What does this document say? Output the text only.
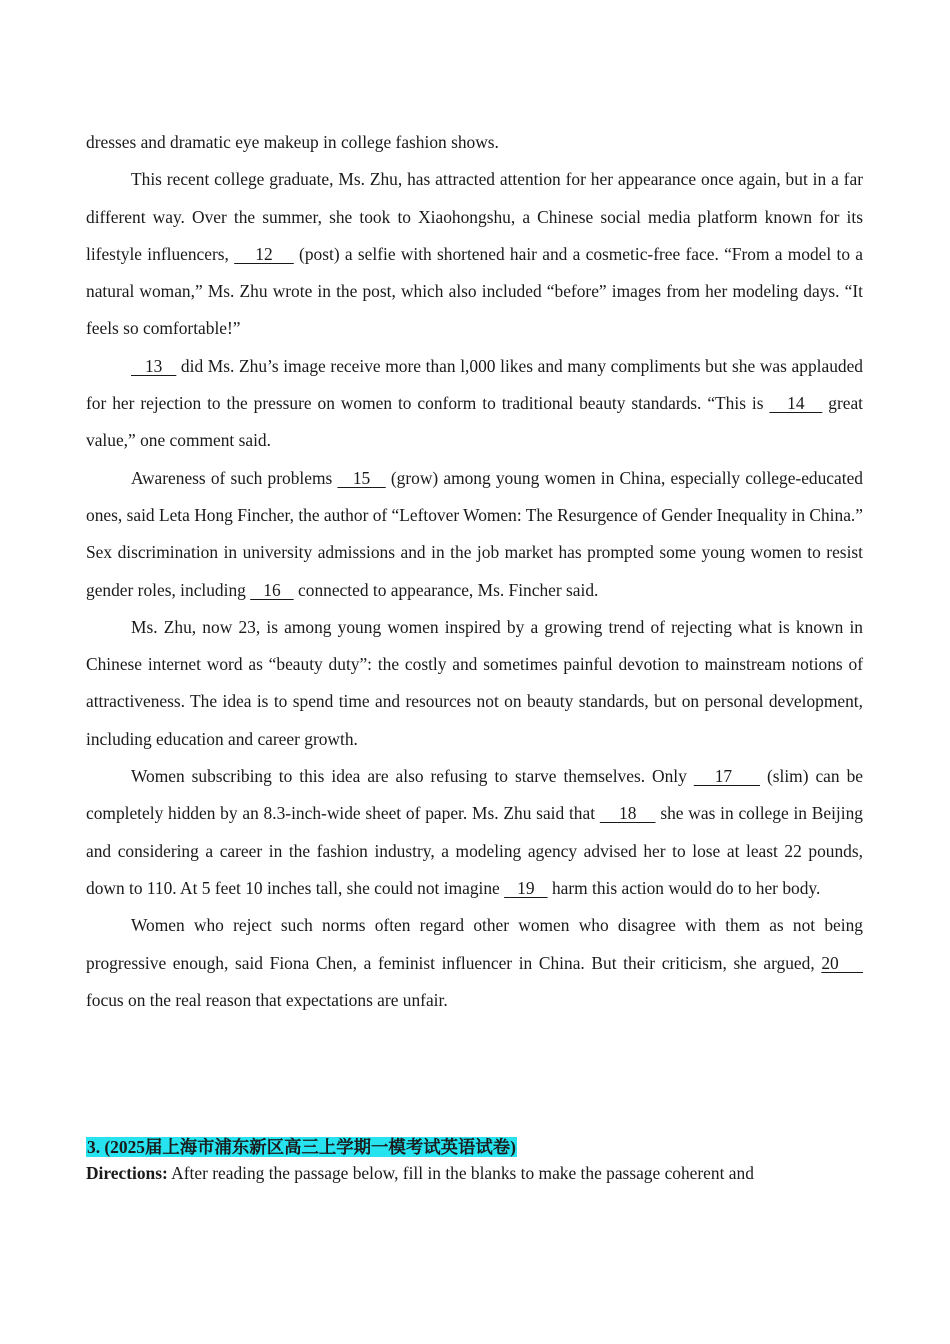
dresses and dramatic eye makeup in college fashion shows.

This recent college graduate, Ms. Zhu, has attracted attention for her appearance once again, but in a far different way. Over the summer, she took to Xiaohongshu, a Chinese social media platform known for its lifestyle influencers,     12     (post) a selfie with shortened hair and a cosmetic-free face. “From a model to a natural woman,” Ms. Zhu wrote in the post, which also included “before” images from her modeling days. “It feels so comfortable!”

13    did Ms. Zhu’s image receive more than l,000 likes and many compliments but she was applauded for her rejection to the pressure on women to conform to traditional beauty standards. “This is    14    great value,” one comment said.

Awareness of such problems    15    (grow) among young women in China, especially college-educated ones, said Leta Hong Fincher, the author of “Leftover Women: The Resurgence of Gender Inequality in China.” Sex discrimination in university admissions and in the job market has prompted some young women to resist gender roles, including    16    connected to appearance, Ms. Fincher said.

Ms. Zhu, now 23, is among young women inspired by a growing trend of rejecting what is known in Chinese internet word as “beauty duty”: the costly and sometimes painful devotion to mainstream notions of attractiveness. The idea is to spend time and resources not on beauty standards, but on personal development, including education and career growth.

Women subscribing to this idea are also refusing to starve themselves. Only    17     (slim) can be completely hidden by an 8.3-inch-wide sheet of paper. Ms. Zhu said that     18     she was in college in Beijing and considering a career in the fashion industry, a modeling agency advised her to lose at least 22 pounds, down to 110. At 5 feet 10 inches tall, she could not imagine    19    harm this action would do to her body.

Women who reject such norms often regard other women who disagree with them as not being progressive enough, said Fiona Chen, a feminist influencer in China. But their criticism, she argued, 20     focus on the real reason that expectations are unfair.

3. (2025届上海市浦东新区高三上学期一模考试英语试卷)
Directions: After reading the passage below, fill in the blanks to make the passage coherent and
